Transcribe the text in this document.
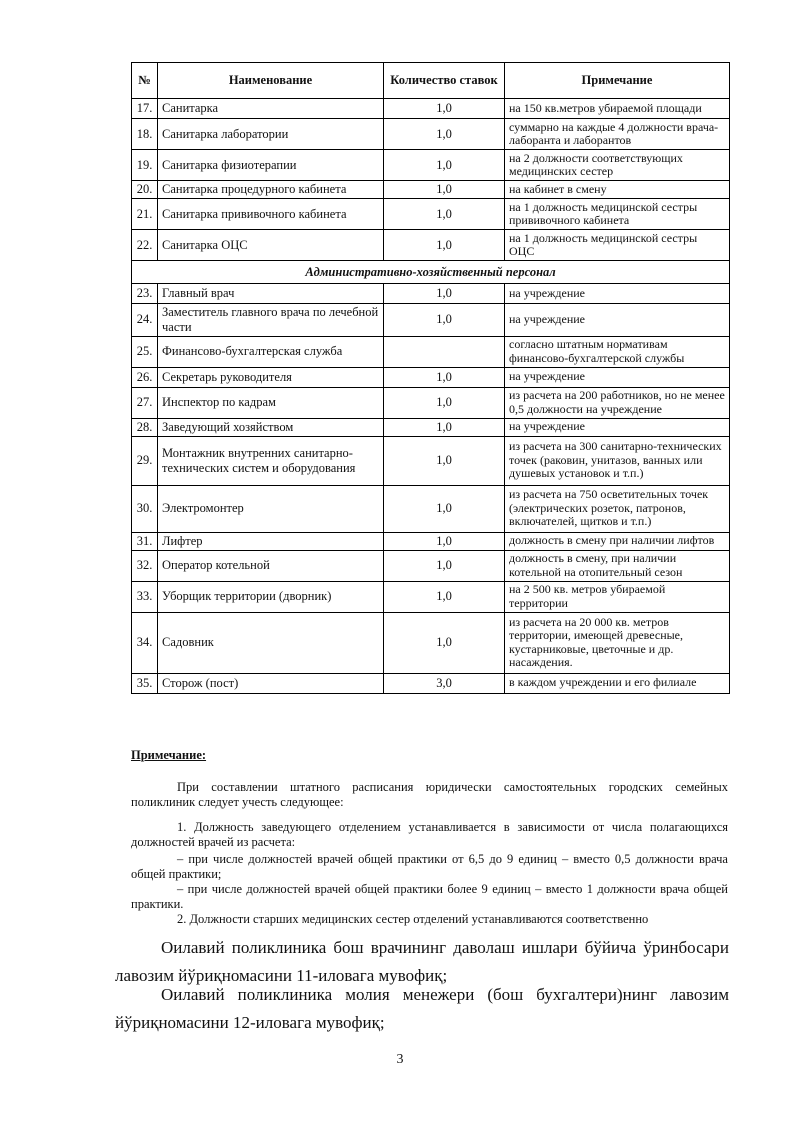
№	Наименование	Количество ставок	Примечание
17.	Санитарка	1,0	на 150 кв.метров убираемой площади
18.	Санитарка лаборатории	1,0	суммарно на каждые 4 должности врача-лаборанта и лаборантов
19.	Санитарка физиотерапии	1,0	на 2 должности соответствующих медицинских сестер
20.	Санитарка процедурного кабинета	1,0	на кабинет в смену
21.	Санитарка прививочного кабинета	1,0	на 1 должность медицинской сестры прививочного кабинета
22.	Санитарка ОЦС	1,0	на 1 должность медицинской сестры ОЦС
Административно-хозяйственный персонал			
23.	Главный врач	1,0	на учреждение
24.	Заместитель главного врача по лечебной части	1,0	на учреждение
25.	Финансово-бухгалтерская служба		согласно штатным нормативам финансово-бухгалтерской службы
26.	Секретарь руководителя	1,0	на учреждение
27.	Инспектор по кадрам	1,0	из расчета на 200 работников, но не менее 0,5 должности на учреждение
28.	Заведующий хозяйством	1,0	на учреждение
29.	Монтажник внутренних санитарно-технических систем и оборудования	1,0	из расчета на 300 санитарно-технических точек (раковин, унитазов, ванных или душевых установок и т.п.)
30.	Электромонтер	1,0	из расчета на 750 осветительных точек (электрических розеток, патронов, включателей, щитков и т.п.)
31.	Лифтер	1,0	должность в смену при наличии лифтов
32.	Оператор котельной	1,0	должность в смену, при наличии котельной на отопительный сезон
33.	Уборщик территории (дворник)	1,0	на 2 500 кв. метров убираемой территории
34.	Садовник	1,0	из расчета на 20 000 кв. метров территории, имеющей древесные, кустарниковые, цветочные и др. насаждения.
35.	Сторож (пост)	3,0	в каждом учреждении и его филиале
Примечание:
При составлении штатного расписания юридически самостоятельных городских семейных поликлиник следует учесть следующее:
1. Должность заведующего отделением устанавливается в зависимости от числа полагающихся должностей врачей из расчета:
– при числе должностей врачей общей практики от 6,5 до 9 единиц – вместо 0,5 должности врача общей практики;
– при числе должностей врачей общей практики более 9 единиц – вместо 1 должности врача общей практики.
2. Должности старших медицинских сестер отделений устанавливаются соответственно
Оилавий поликлиника бош врачининг даволаш ишлари бўйича ўринбосари лавозим йўриқномасини 11-иловага мувофиқ;
Оилавий поликлиника молия менежери (бош бухгалтери)нинг лавозим йўриқномасини 12-иловага мувофиқ;
3
